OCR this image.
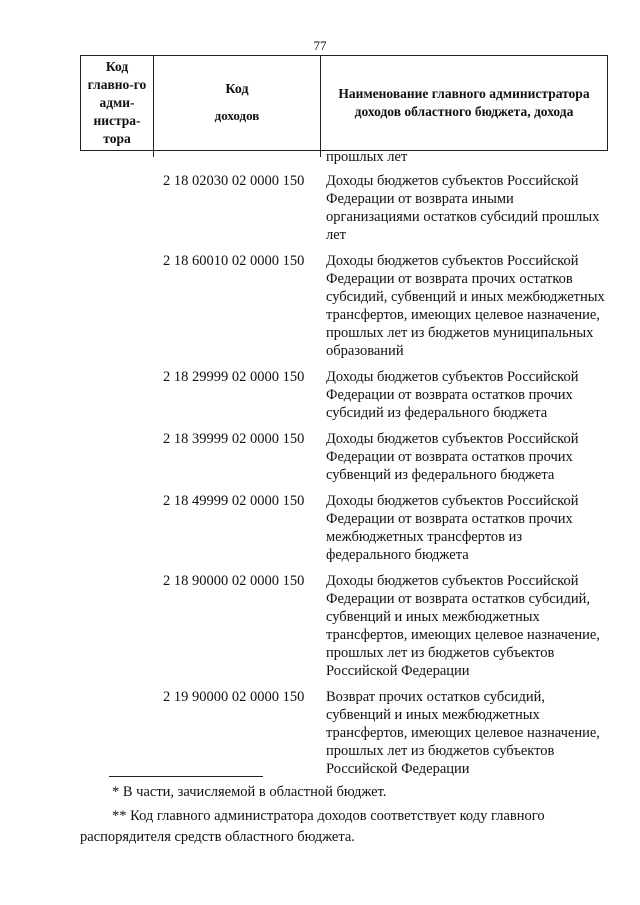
77
Код главно-го адми-нистра-тора
Код
доходов
Наименование главного администратора доходов областного бюджета, дохода
прошлых лет
2 18 02030 02 0000 150 Доходы бюджетов субъектов Российской Федерации от возврата иными организациями остатков субсидий прошлых лет
2 18 60010 02 0000 150 Доходы бюджетов субъектов Российской Федерации от возврата прочих остатков субсидий, субвенций и иных межбюджетных трансфертов, имеющих целевое назначение, прошлых лет из бюджетов муниципальных образований
2 18 29999 02 0000 150 Доходы бюджетов субъектов Российской Федерации от возврата остатков прочих субсидий из федерального бюджета
2 18 39999 02 0000 150 Доходы бюджетов субъектов Российской Федерации от возврата остатков прочих субвенций из федерального бюджета
2 18 49999 02 0000 150 Доходы бюджетов субъектов Российской Федерации от возврата остатков прочих межбюджетных трансфертов из федерального бюджета
2 18 90000 02 0000 150 Доходы бюджетов субъектов Российской Федерации от возврата остатков субсидий, субвенций и иных межбюджетных трансфертов, имеющих целевое назначение, прошлых лет из бюджетов субъектов Российской Федерации
2 19 90000 02 0000 150 Возврат прочих остатков субсидий, субвенций и иных межбюджетных трансфертов, имеющих целевое назначение, прошлых лет из бюджетов субъектов Российской Федерации
* В части, зачисляемой в областной бюджет.
** Код главного администратора доходов соответствует коду главного распорядителя средств областного бюджета.
